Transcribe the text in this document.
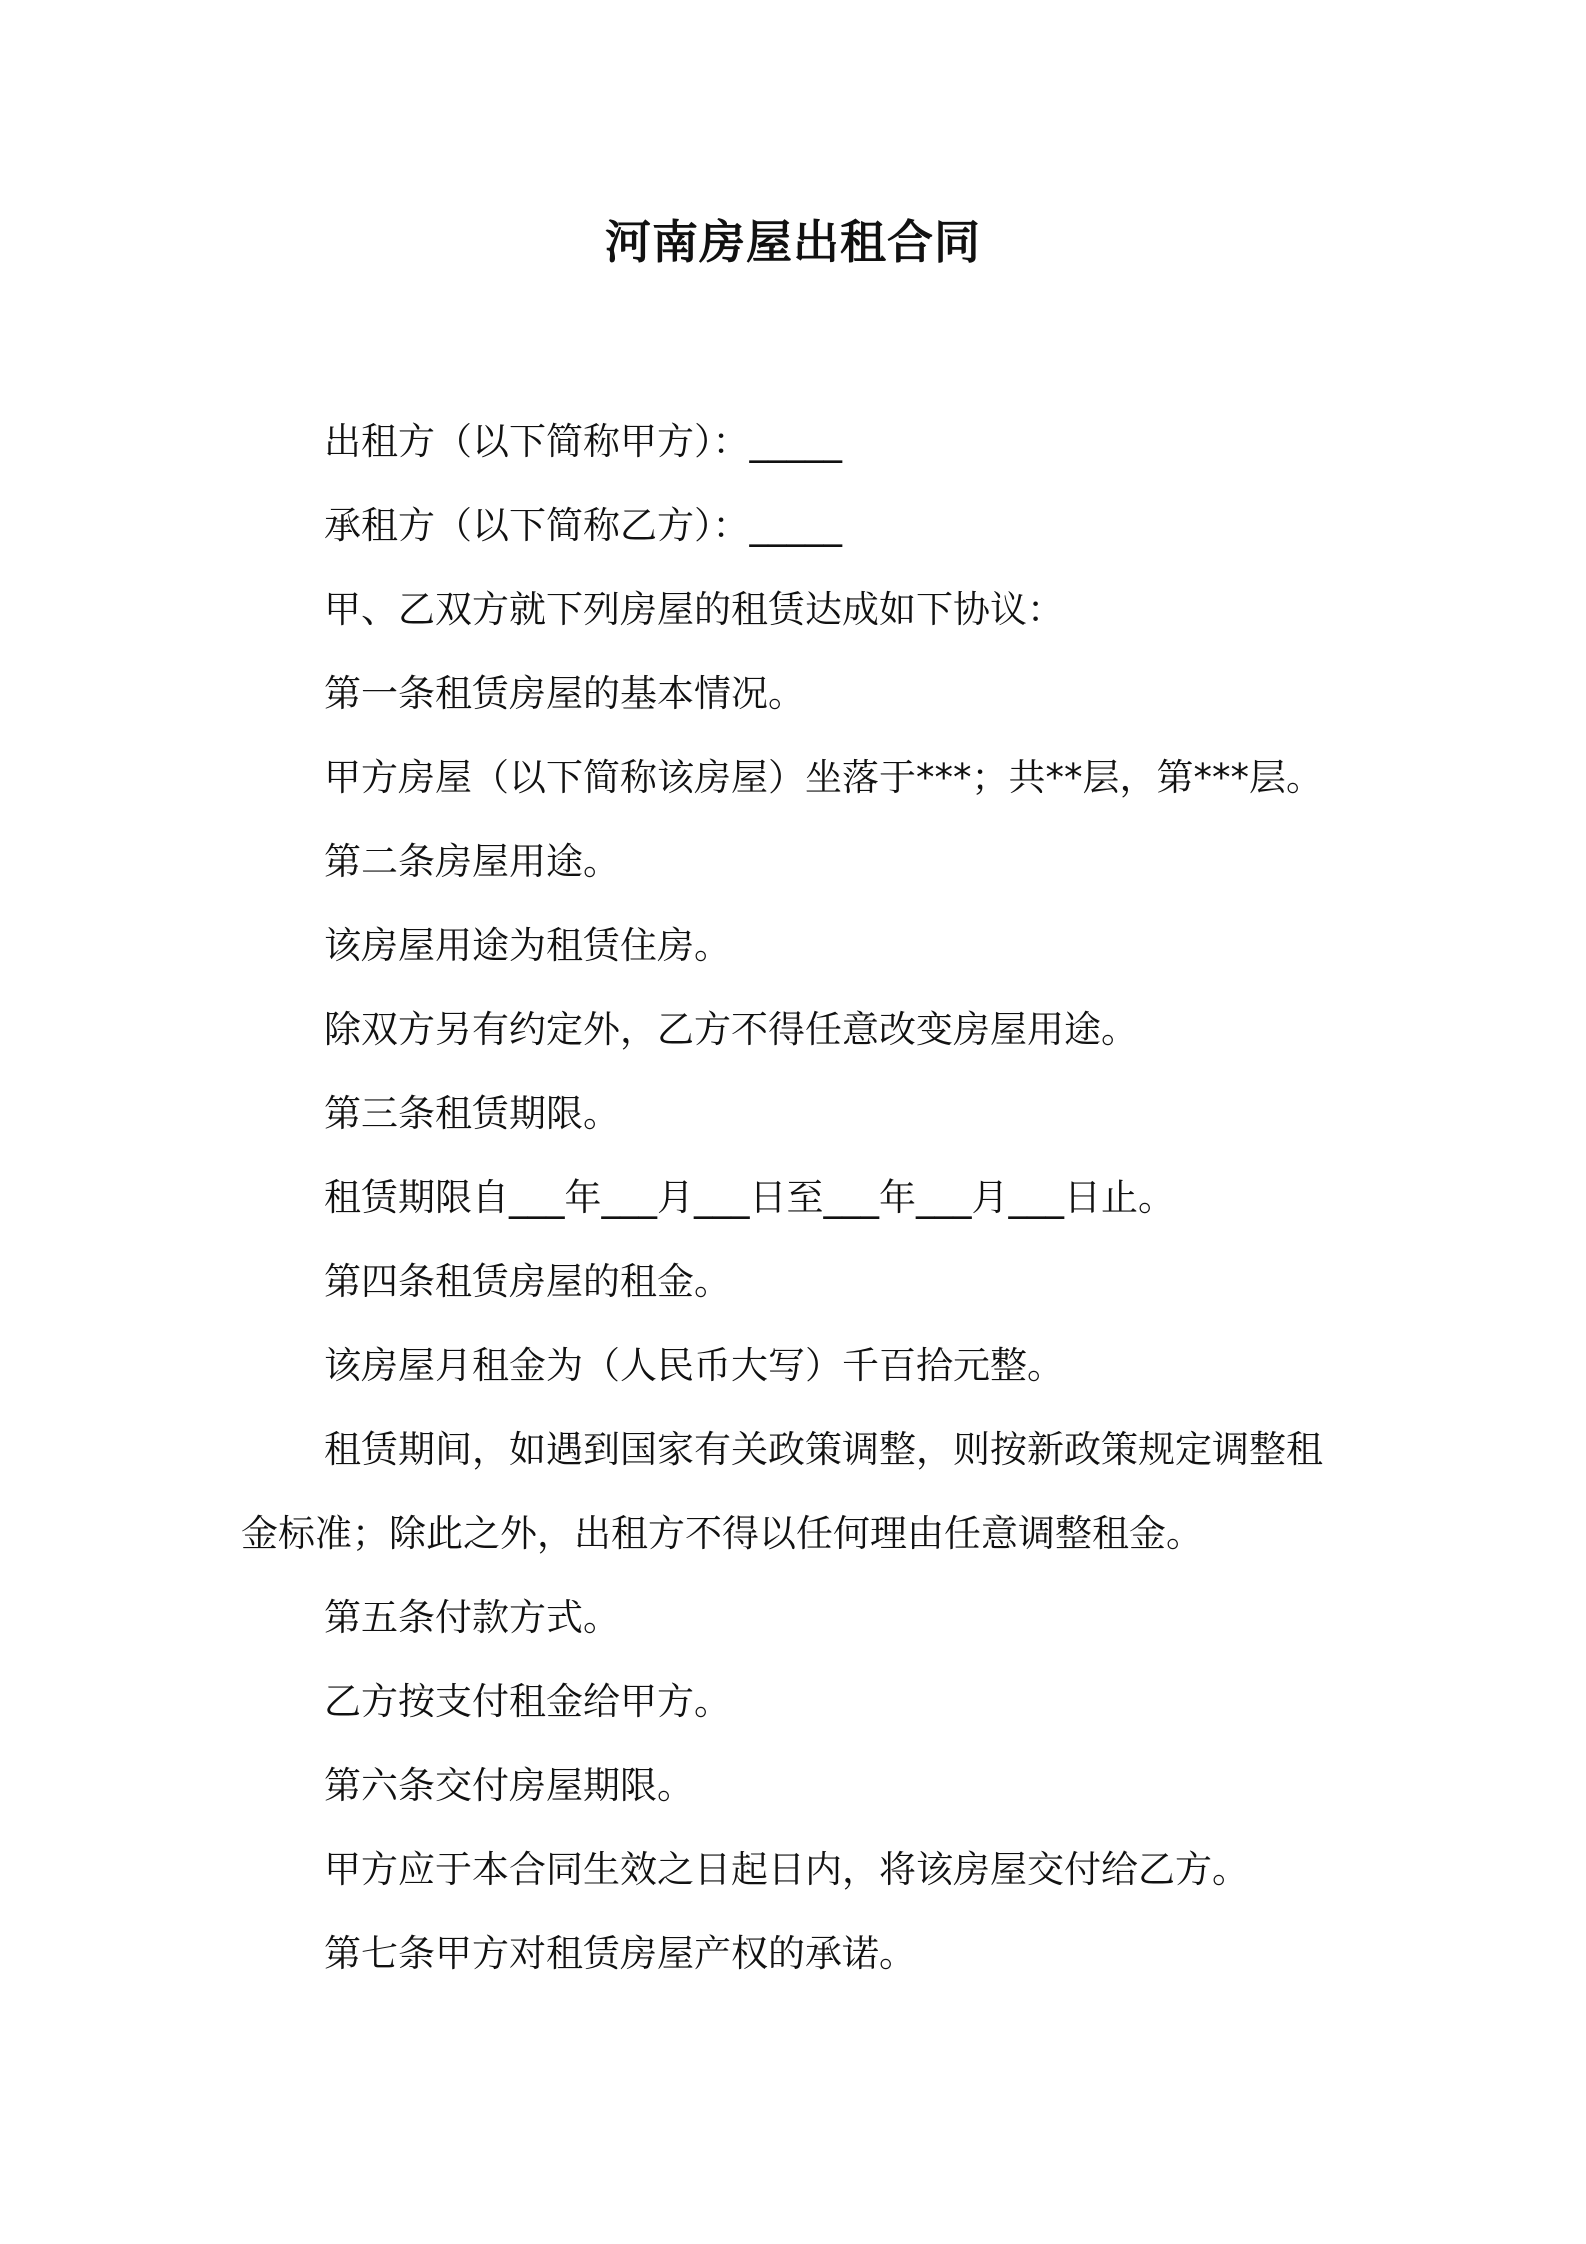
河南房屋出租合同

出租方（以下简称甲方）：_____

承租方（以下简称乙方）：_____

甲、乙双方就下列房屋的租赁达成如下协议：

第一条租赁房屋的基本情况。

甲方房屋（以下简称该房屋）坐落于***；共**层，第***层。

第二条房屋用途。

该房屋用途为租赁住房。

除双方另有约定外，乙方不得任意改变房屋用途。

第三条租赁期限。

租赁期限自___年___月___日至___年___月___日止。

第四条租赁房屋的租金。

该房屋月租金为（人民币大写）千百拾元整。

租赁期间，如遇到国家有关政策调整，则按新政策规定调整租金标准；除此之外，出租方不得以任何理由任意调整租金。

第五条付款方式。

乙方按支付租金给甲方。

第六条交付房屋期限。

甲方应于本合同生效之日起日内，将该房屋交付给乙方。

第七条甲方对租赁房屋产权的承诺。
